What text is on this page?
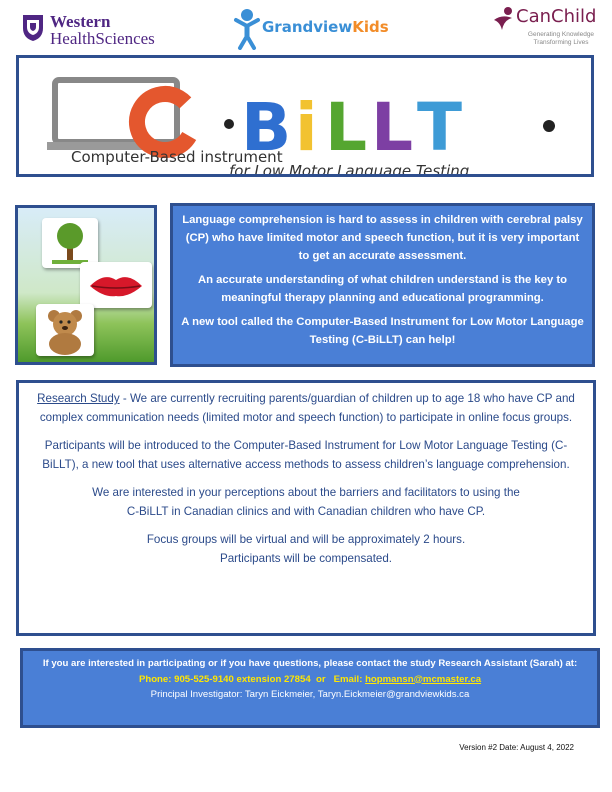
Western
HealthSciences
GrandviewKids	CanChild
Generating Knowledge
Transforming Lives
B i L L T
Computer-Based instrument
for Low Motor Language Testing

Language comprehension is hard to assess in children with cerebral palsy (CP) who have limited motor and speech function, but it is very important to get an accurate assessment.

An accurate understanding of what children understand is the key to meaningful therapy planning and educational programming.

A new tool called the Computer-Based Instrument for Low Motor Language Testing (C-BiLLT) can help!

Research Study - We are currently recruiting parents/guardian of children up to age 18 who have CP and complex communication needs (limited motor and speech function) to participate in online focus groups.

Participants will be introduced to the Computer-Based Instrument for Low Motor Language Testing (C-BiLLT), a new tool that uses alternative access methods to assess children’s language comprehension.

We are interested in your perceptions about the barriers and facilitators to using the
C-BiLLT in Canadian clinics and with Canadian children who have CP.

Focus groups will be virtual and will be approximately 2 hours.
Participants will be compensated.

If you are interested in participating or if you have questions, please contact the study Research Assistant (Sarah) at:
Phone: 905-525-9140 extension 27854 or Email: hopmansn@mcmaster.ca
Principal Investigator: Taryn Eickmeier, Taryn.Eickmeier@grandviewkids.ca
Version #2 Date: August 4, 2022
